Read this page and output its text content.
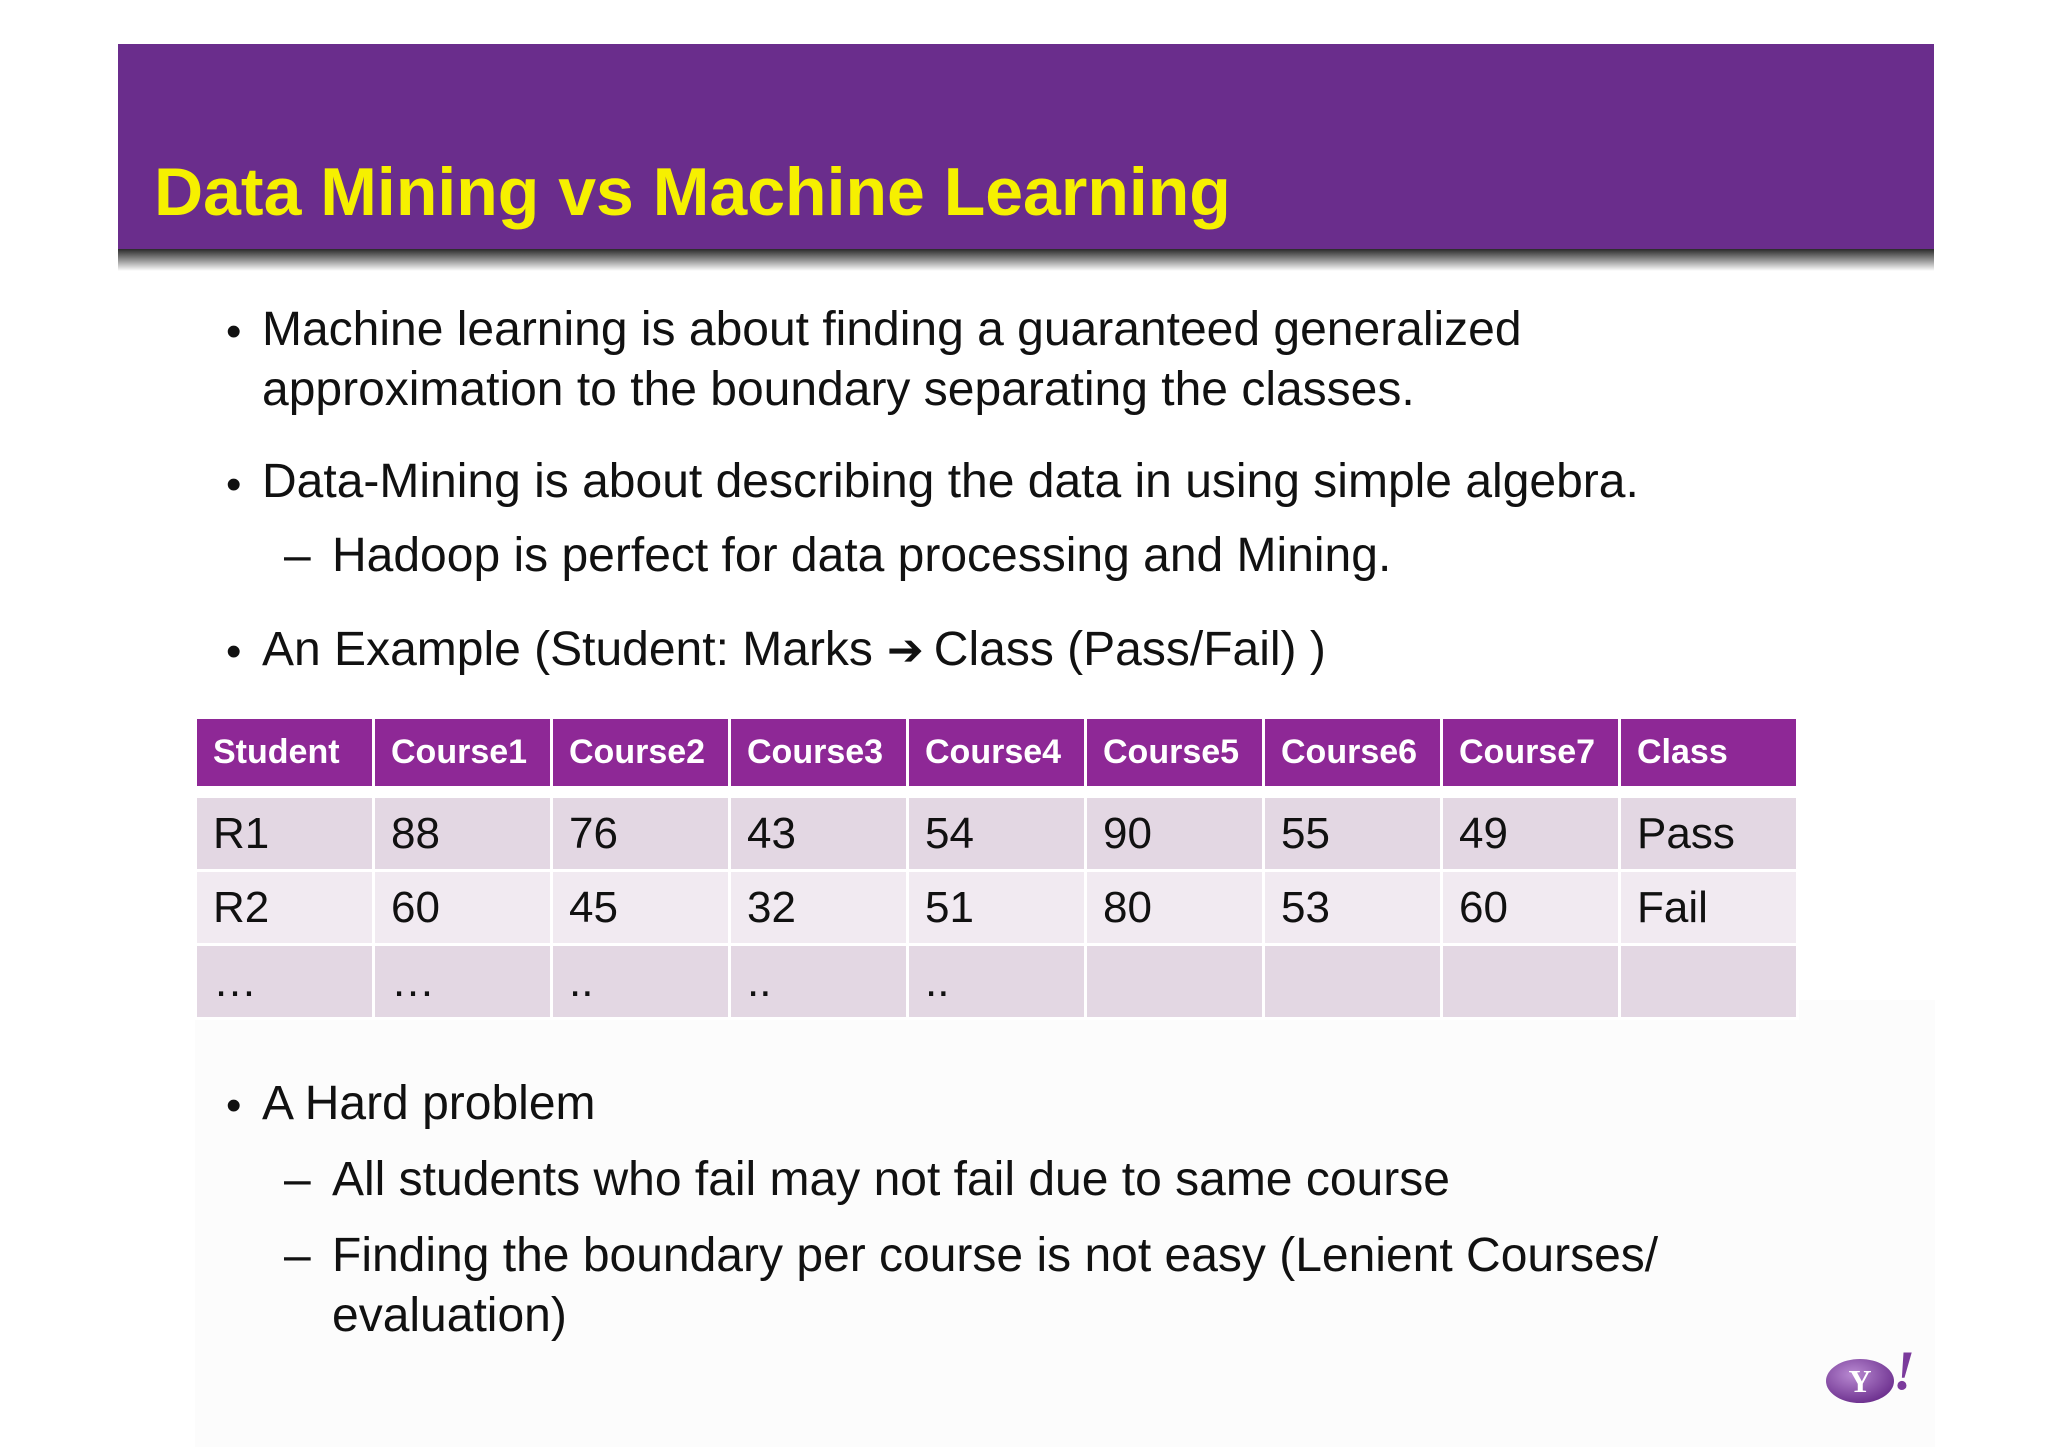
Data Mining vs Machine Learning
• Machine learning is about finding a guaranteed generalized
approximation to the boundary separating the classes.
• Data-Mining is about describing the data in using simple algebra.
– Hadoop is perfect for data processing and Mining.
• An Example (Student: Marks ➔ Class (Pass/Fail) )
Student	Course1	Course2	Course3	Course4	Course5	Course6	Course7	Class

R1	88	76	43	54	90	55	49	Pass
R2	60	45	32	51	80	53	60	Fail
…	…	..	..	..				
• A Hard problem
– All students who fail may not fail due to same course
– Finding the boundary per course is not easy (Lenient Courses/
evaluation)
Y !
